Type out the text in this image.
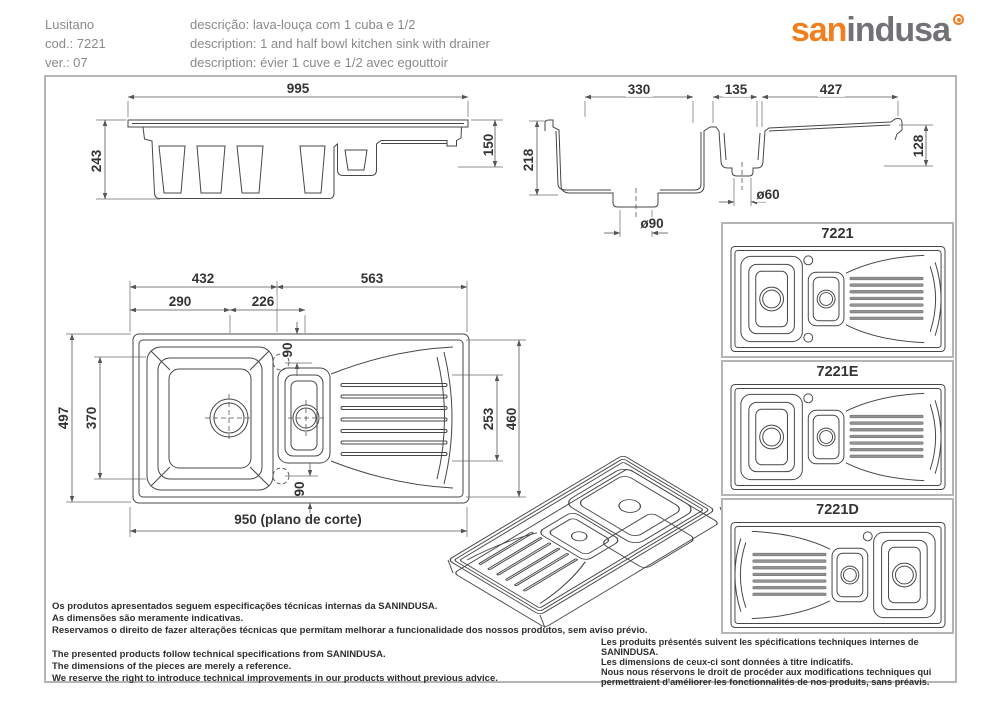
Lusitano
cod.: 7221
ver.: 07
descrição: lava-louça com 1 cuba e 1/2
description: 1 and half bowl kitchen sink with drainer
description: évier 1 cuve e 1/2 avec egouttoir
sanindusa
995
243
150
330	135	427
218
128
ø60
ø90
432	563
290	226
497 370
90
90
253 460
950 (plano de corte)
7221
7221E
7221D

Os produtos apresentados seguem especificações técnicas internas da SANINDUSA.

As dimensões são meramente indicativas.

Reservamos o direito de fazer alterações técnicas que permitam melhorar a funcionalidade dos nossos produtos, sem aviso prévio.

The presented products follow technical specifications from SANINDUSA.

The dimensions of the pieces are merely a reference.

We reserve the right to introduce technical improvements in our products without previous advice.

Les produits présentés suivent les spécifications techniques internes de SANINDUSA.

Les dimensions de ceux-ci sont données à titre indicatifs.

Nous nous réservons le droit de procéder aux modifications techniques qui permettraient d'améliorer les fonctionnalités de nos produits, sans préavis.
